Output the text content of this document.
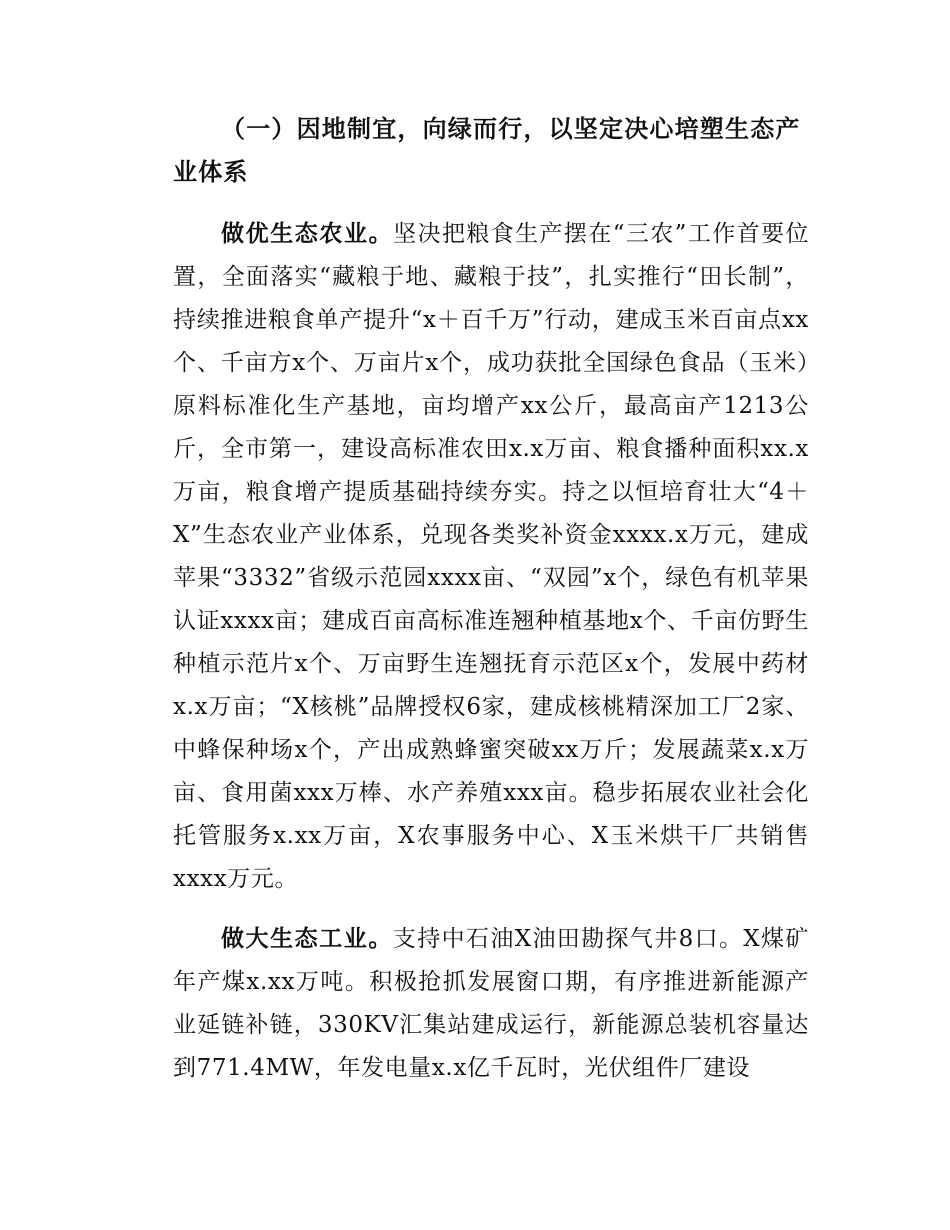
（一）因地制宜，向绿而行，以坚定决心培塑生态产业体系

做优生态农业。坚决把粮食生产摆在“三农”工作首要位置，全面落实“藏粮于地、藏粮于技”，扎实推行“田长制”，持续推进粮食单产提升“x＋百千万”行动，建成玉米百亩点xx个、千亩方x个、万亩片x个，成功获批全国绿色食品（玉米）原料标准化生产基地，亩均增产xx公斤，最高亩产1213公斤，全市第一，建设高标准农田x.x万亩、粮食播种面积xx.x万亩，粮食增产提质基础持续夯实。持之以恒培育壮大“4＋X”生态农业产业体系，兑现各类奖补资金xxxx.x万元，建成苹果“3332”省级示范园xxxx亩、“双园”x个，绿色有机苹果认证xxxx亩；建成百亩高标准连翘种植基地x个、千亩仿野生种植示范片x个、万亩野生连翘抚育示范区x个，发展中药材x.x万亩；“X核桃”品牌授权6家，建成核桃精深加工厂2家、中蜂保种场x个，产出成熟蜂蜜突破xx万斤；发展蔬菜x.x万亩、食用菌xxx万棒、水产养殖xxx亩。稳步拓展农业社会化托管服务x.xx万亩，X农事服务中心、X玉米烘干厂共销售xxxx万元。

做大生态工业。支持中石油X油田勘探气井8口。X煤矿年产煤x.xx万吨。积极抢抓发展窗口期，有序推进新能源产业延链补链，330KV汇集站建成运行，新能源总装机容量达到771.4MW，年发电量x.x亿千瓦时，光伏组件厂建设
